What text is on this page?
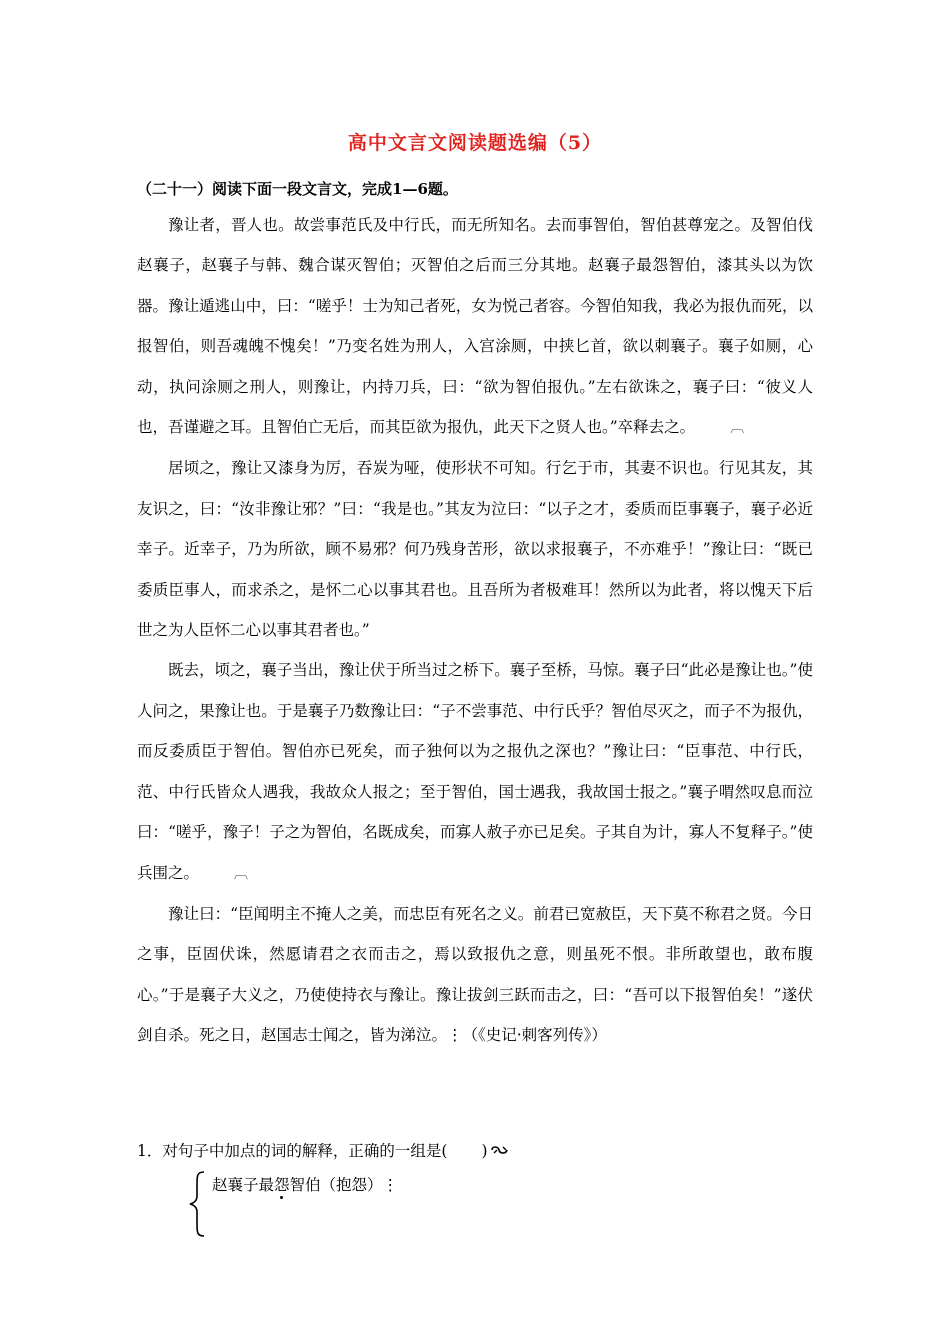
高中文言文阅读题选编（5）
（二十一）阅读下面一段文言文，完成1—6题。

豫让者，晋人也。故尝事范氏及中行氏，而无所知名。去而事智伯，智伯甚尊宠之。及智伯伐赵襄子，赵襄子与韩、魏合谋灭智伯；灭智伯之后而三分其地。赵襄子最怨智伯，漆其头以为饮器。豫让遁逃山中，曰：“嗟乎！士为知己者死，女为悦己者容。今智伯知我，我必为报仇而死，以报智伯，则吾魂魄不愧矣！”乃变名姓为刑人，入宫涂厕，中挟匕首，欲以刺襄子。襄子如厕，心动，执问涂厕之刑人，则豫让，内持刀兵，曰：“欲为智伯报仇。”左右欲诛之，襄子曰：“彼义人也，吾谨避之耳。且智伯亡无后，而其臣欲为报仇，此天下之贤人也。”卒释去之。	︹

居顷之，豫让又漆身为厉，吞炭为哑，使形状不可知。行乞于市，其妻不识也。行见其友，其友识之，曰：“汝非豫让邪？”曰：“我是也。”其友为泣曰：“以子之才，委质而臣事襄子，襄子必近幸子。近幸子，乃为所欲，顾不易邪？何乃残身苦形，欲以求报襄子，不亦难乎！”豫让曰：“既已委质臣事人，而求杀之，是怀二心以事其君也。且吾所为者极难耳！然所以为此者，将以愧天下后世之为人臣怀二心以事其君者也。”

既去，顷之，襄子当出，豫让伏于所当过之桥下。襄子至桥，马惊。襄子曰“此必是豫让也。”使人问之，果豫让也。于是襄子乃数豫让曰：“子不尝事范、中行氏乎？智伯尽灭之，而子不为报仇，而反委质臣于智伯。智伯亦已死矣，而子独何以为之报仇之深也？”豫让曰：“臣事范、中行氏，范、中行氏皆众人遇我，我故众人报之；至于智伯，国士遇我，我故国士报之。”襄子喟然叹息而泣曰：“嗟乎，豫子！子之为智伯，名既成矣，而寡人赦子亦已足矣。子其自为计，寡人不复释子。”使兵围之。	︹

豫让曰：“臣闻明主不掩人之美，而忠臣有死名之义。前君已宽赦臣，天下莫不称君之贤。今日之事，臣固伏诛，然愿请君之衣而击之，焉以致报仇之意，则虽死不恨。非所敢望也，敢布腹心。”于是襄子大义之，乃使使持衣与豫让。豫让拔剑三跃而击之，曰：“吾可以下报智伯矣！”遂伏剑自杀。死之日，赵国志士闻之，皆为涕泣。⋮（《史记·刺客列传》）

1．对句子中加点的词的解释，正确的一组是( )
赵襄子最怨智伯（抱怨）⋮
